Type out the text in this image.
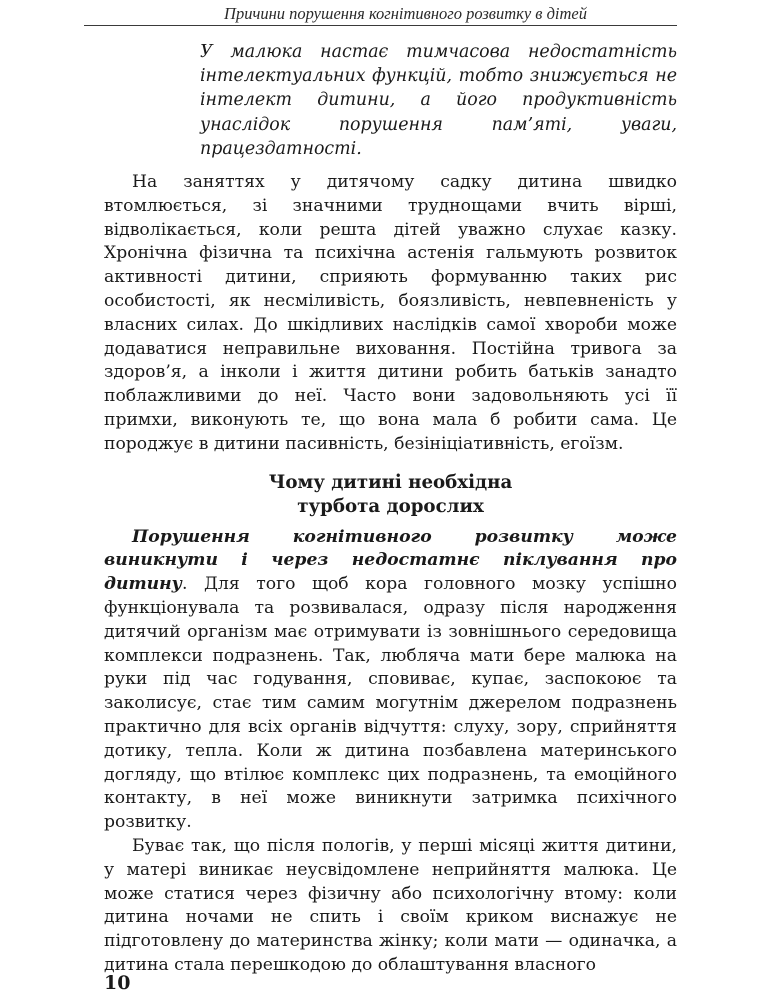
Причини порушення когнітивного розвитку в дітей
У малюка настає тимчасова недостатність інтелектуальних функцій, тобто знижується не інтелект дитини, а його продуктивність унаслідок порушення пам’яті, уваги, працездатності.

На заняттях у дитячому садку дитина швидко втомлюється, зі значними труднощами вчить вірші, відволікається, коли решта дітей уважно слухає казку. Хронічна фізична та психічна астенія гальмують розвиток активності дитини, сприяють формуванню таких рис особистості, як несміливість, боязливість, невпевненість у власних силах. До шкідливих наслідків самої хвороби може додаватися неправильне виховання. Постійна тривога за здоров’я, а інколи і життя дитини робить батьків занадто поблажливими до неї. Часто вони задовольняють усі її примхи, виконують те, що вона мала б робити сама. Це породжує в дитини пасивність, безініціативність, егоїзм.

Чому дитині необхідна
турбота дорослих

Порушення когнітивного розвитку може виникнути і через недостатнє піклування про дитину. Для того щоб кора головного мозку успішно функціонувала та розвивалася, одразу після народження дитячий організм має отримувати із зовнішнього середовища комплекси подразнень. Так, любляча мати бере малюка на руки під час годування, сповиває, купає, заспокоює та заколисує, стає тим самим могутнім джерелом подразнень практично для всіх органів відчуття: слуху, зору, сприйняття дотику, тепла. Коли ж дитина позбавлена материнського догляду, що втілює комплекс цих подразнень, та емоційного контакту, в неї може виникнути затримка психічного розвитку.

Буває так, що після пологів, у перші місяці життя дитини, у матері виникає неусвідомлене неприйняття малюка. Це може статися через фізичну або психологічну втому: коли дитина ночами не спить і своїм криком виснажує не підготовлену до материнства жінку; коли мати — одиначка, а дитина стала перешкодою до облаштування власного

10
